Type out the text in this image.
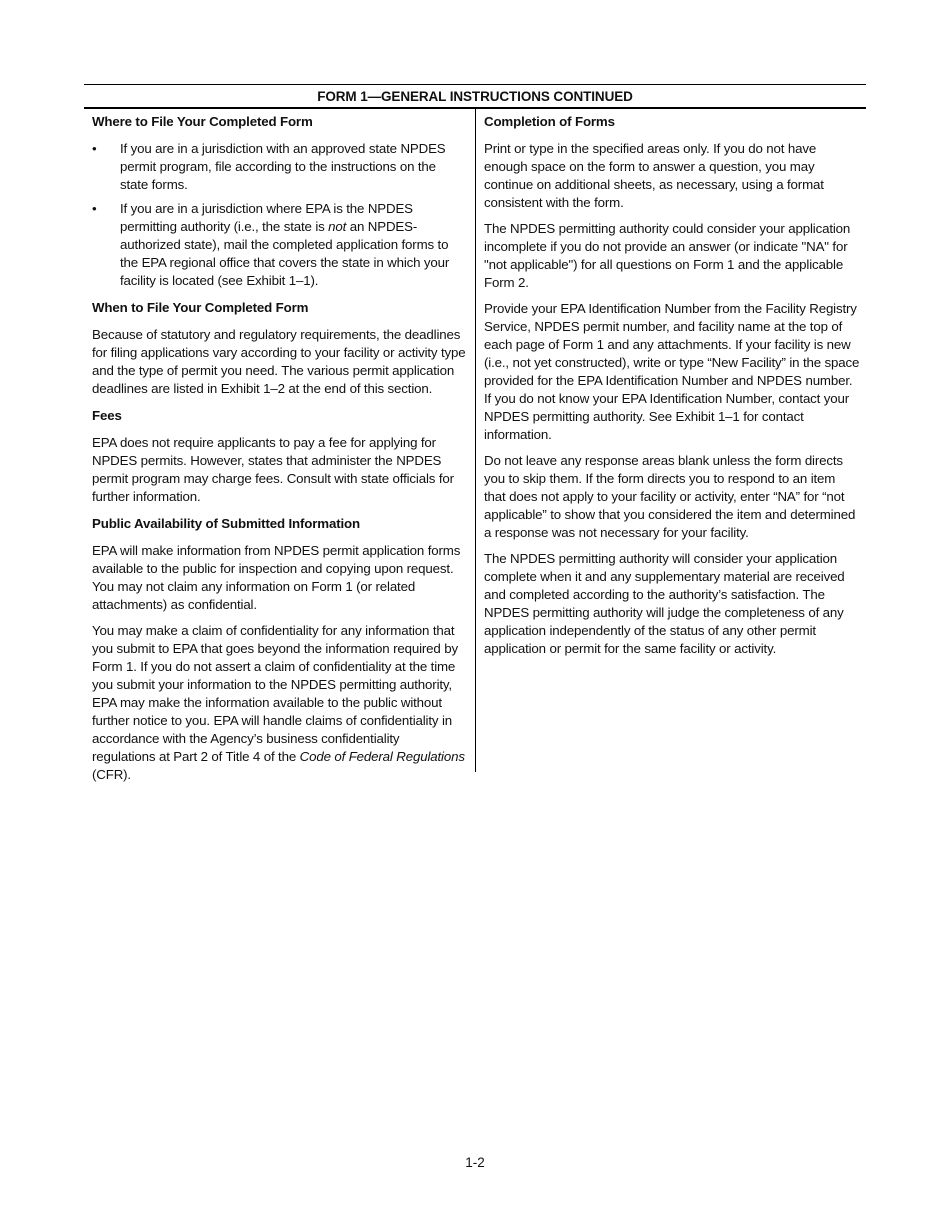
FORM 1—GENERAL INSTRUCTIONS CONTINUED

Where to File Your Completed Form

• If you are in a jurisdiction with an approved state NPDES permit program, file according to the instructions on the state forms.
• If you are in a jurisdiction where EPA is the NPDES permitting authority (i.e., the state is not an NPDES-authorized state), mail the completed application forms to the EPA regional office that covers the state in which your facility is located (see Exhibit 1–1).

When to File Your Completed Form

Because of statutory and regulatory requirements, the deadlines for filing applications vary according to your facility or activity type and the type of permit you need. The various permit application deadlines are listed in Exhibit 1–2 at the end of this section.

Fees

EPA does not require applicants to pay a fee for applying for NPDES permits. However, states that administer the NPDES permit program may charge fees. Consult with state officials for further information.

Public Availability of Submitted Information

EPA will make information from NPDES permit application forms available to the public for inspection and copying upon request. You may not claim any information on Form 1 (or related attachments) as confidential.

You may make a claim of confidentiality for any information that you submit to EPA that goes beyond the information required by Form 1. If you do not assert a claim of confidentiality at the time you submit your information to the NPDES permitting authority, EPA may make the information available to the public without further notice to you. EPA will handle claims of confidentiality in accordance with the Agency’s business confidentiality regulations at Part 2 of Title 4 of the Code of Federal Regulations (CFR).

Completion of Forms

Print or type in the specified areas only. If you do not have enough space on the form to answer a question, you may continue on additional sheets, as necessary, using a format consistent with the form.

The NPDES permitting authority could consider your application incomplete if you do not provide an answer (or indicate "NA" for "not applicable") for all questions on Form 1 and the applicable Form 2.

Provide your EPA Identification Number from the Facility Registry Service, NPDES permit number, and facility name at the top of each page of Form 1 and any attachments. If your facility is new (i.e., not yet constructed), write or type “New Facility” in the space provided for the EPA Identification Number and NPDES number. If you do not know your EPA Identification Number, contact your NPDES permitting authority. See Exhibit 1–1 for contact information.

Do not leave any response areas blank unless the form directs you to skip them. If the form directs you to respond to an item that does not apply to your facility or activity, enter “NA” for “not applicable” to show that you considered the item and determined a response was not necessary for your facility.

The NPDES permitting authority will consider your application complete when it and any supplementary material are received and completed according to the authority’s satisfaction. The NPDES permitting authority will judge the completeness of any application independently of the status of any other permit application or permit for the same facility or activity.

1-2
